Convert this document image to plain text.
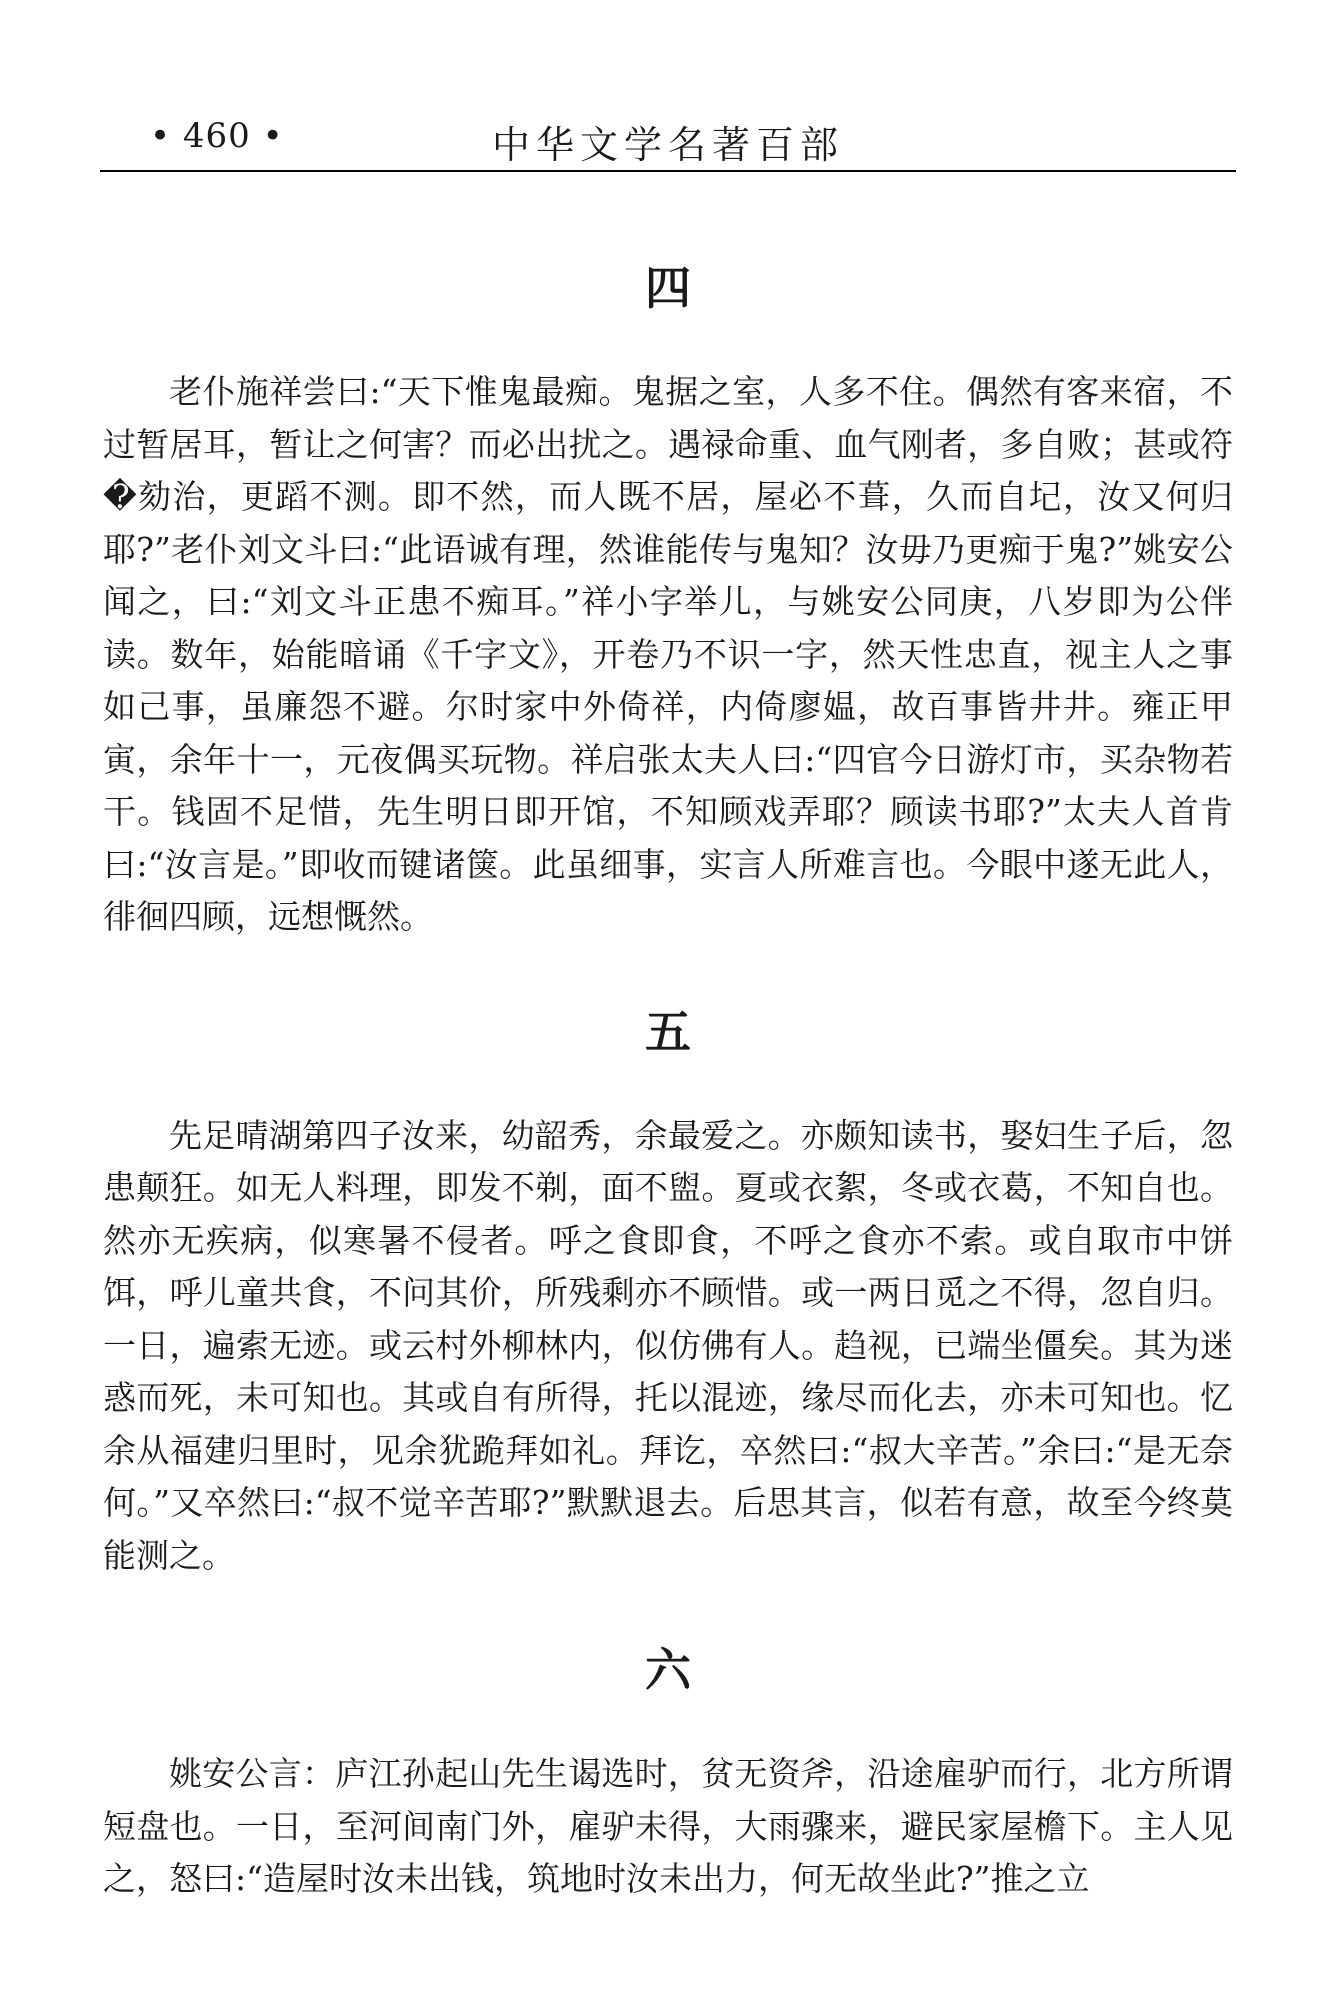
• 460 •	中华文学名著百部
四

老仆施祥尝曰:“天下惟鬼最痴。鬼据之室，人多不住。偶然有客来宿，不过暂居耳，暂让之何害？而必出扰之。遇禄命重、血气刚者，多自败；甚或符�劾治，更蹈不测。即不然，而人既不居，屋必不葺，久而自圮，汝又何归耶?”老仆刘文斗曰:“此语诚有理，然谁能传与鬼知？汝毋乃更痴于鬼?”姚安公闻之，曰:“刘文斗正患不痴耳。”祥小字举儿，与姚安公同庚，八岁即为公伴读。数年，始能暗诵《千字文》，开卷乃不识一字，然天性忠直，视主人之事如己事，虽廉怨不避。尔时家中外倚祥，内倚廖媪，故百事皆井井。雍正甲寅，余年十一，元夜偶买玩物。祥启张太夫人曰:“四官今日游灯市，买杂物若干。钱固不足惜，先生明日即开馆，不知顾戏弄耶？顾读书耶?”太夫人首肯曰:“汝言是。”即收而键诸箧。此虽细事，实言人所难言也。今眼中遂无此人，徘徊四顾，远想慨然。

五

先足晴湖第四子汝来，幼韶秀，余最爱之。亦颇知读书，娶妇生子后，忽患颠狂。如无人料理，即发不剃，面不盥。夏或衣絮，冬或衣葛，不知自也。然亦无疾病，似寒暑不侵者。呼之食即食，不呼之食亦不索。或自取市中饼饵，呼儿童共食，不问其价，所残剩亦不顾惜。或一两日觅之不得，忽自归。一日，遍索无迹。或云村外柳林内，似仿佛有人。趋视，已端坐僵矣。其为迷惑而死，未可知也。其或自有所得，托以混迹，缘尽而化去，亦未可知也。忆余从福建归里时，见余犹跪拜如礼。拜讫，卒然曰:“叔大辛苦。”余曰:“是无奈何。”又卒然曰:“叔不觉辛苦耶?”默默退去。后思其言，似若有意，故至今终莫能测之。

六

姚安公言：庐江孙起山先生谒选时，贫无资斧，沿途雇驴而行，北方所谓短盘也。一日，至河间南门外，雇驴未得，大雨骤来，避民家屋檐下。主人见之，怒曰:“造屋时汝未出钱，筑地时汝未出力，何无故坐此?”推之立
